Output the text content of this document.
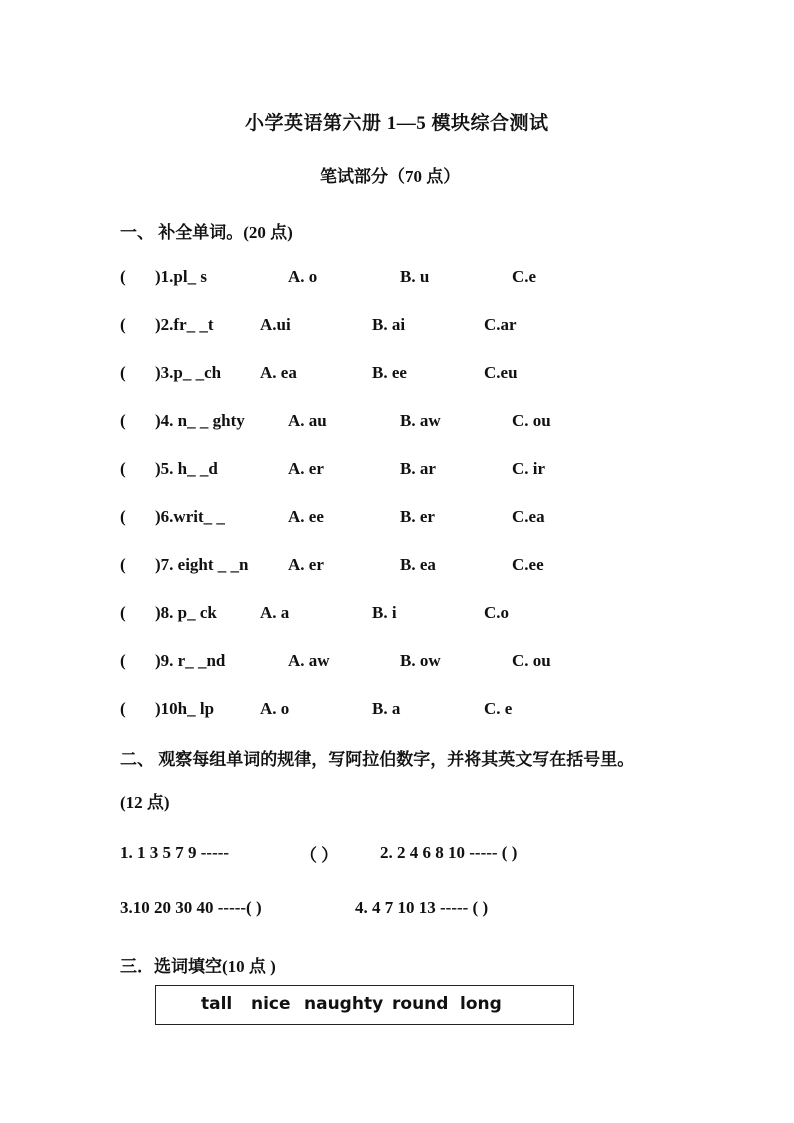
小学英语第六册 1—5 模块综合测试
笔试部分（70 点）
一、 补全单词。(20 点)
( )1.pl_ s	A. o	B. u	C.e
( )2.fr_ _t	A.ui	B. ai	C.ar
( )3.p_ _ch A. ea	B. ee	C.eu
( )4. n_ _ ghty	A. au	B. aw	C. ou
( )5. h_ _d	A. er	B. ar	C. ir
( )6.writ_ _	A. ee	B. er	C.ea
( )7. eight _ _n A. er	B. ea	C.ee
( )8. p_ ck	A. a	B. i	C.o
( )9. r_ _nd	A. aw	B. ow	C. ou
( )10h_ lp	A. o	B. a	C. e
二、 观察每组单词的规律，写阿拉伯数字，并将其英文写在括号里。
(12 点)
1. 1 3 5 7 9 -----	（ ） 2. 2 4 6 8 10 ----- ( )
3.10 20 30 40 -----( )	4. 4 7 10 13 ----- ( )
三．选词填空(10 点 )
tall nice naughty round long
